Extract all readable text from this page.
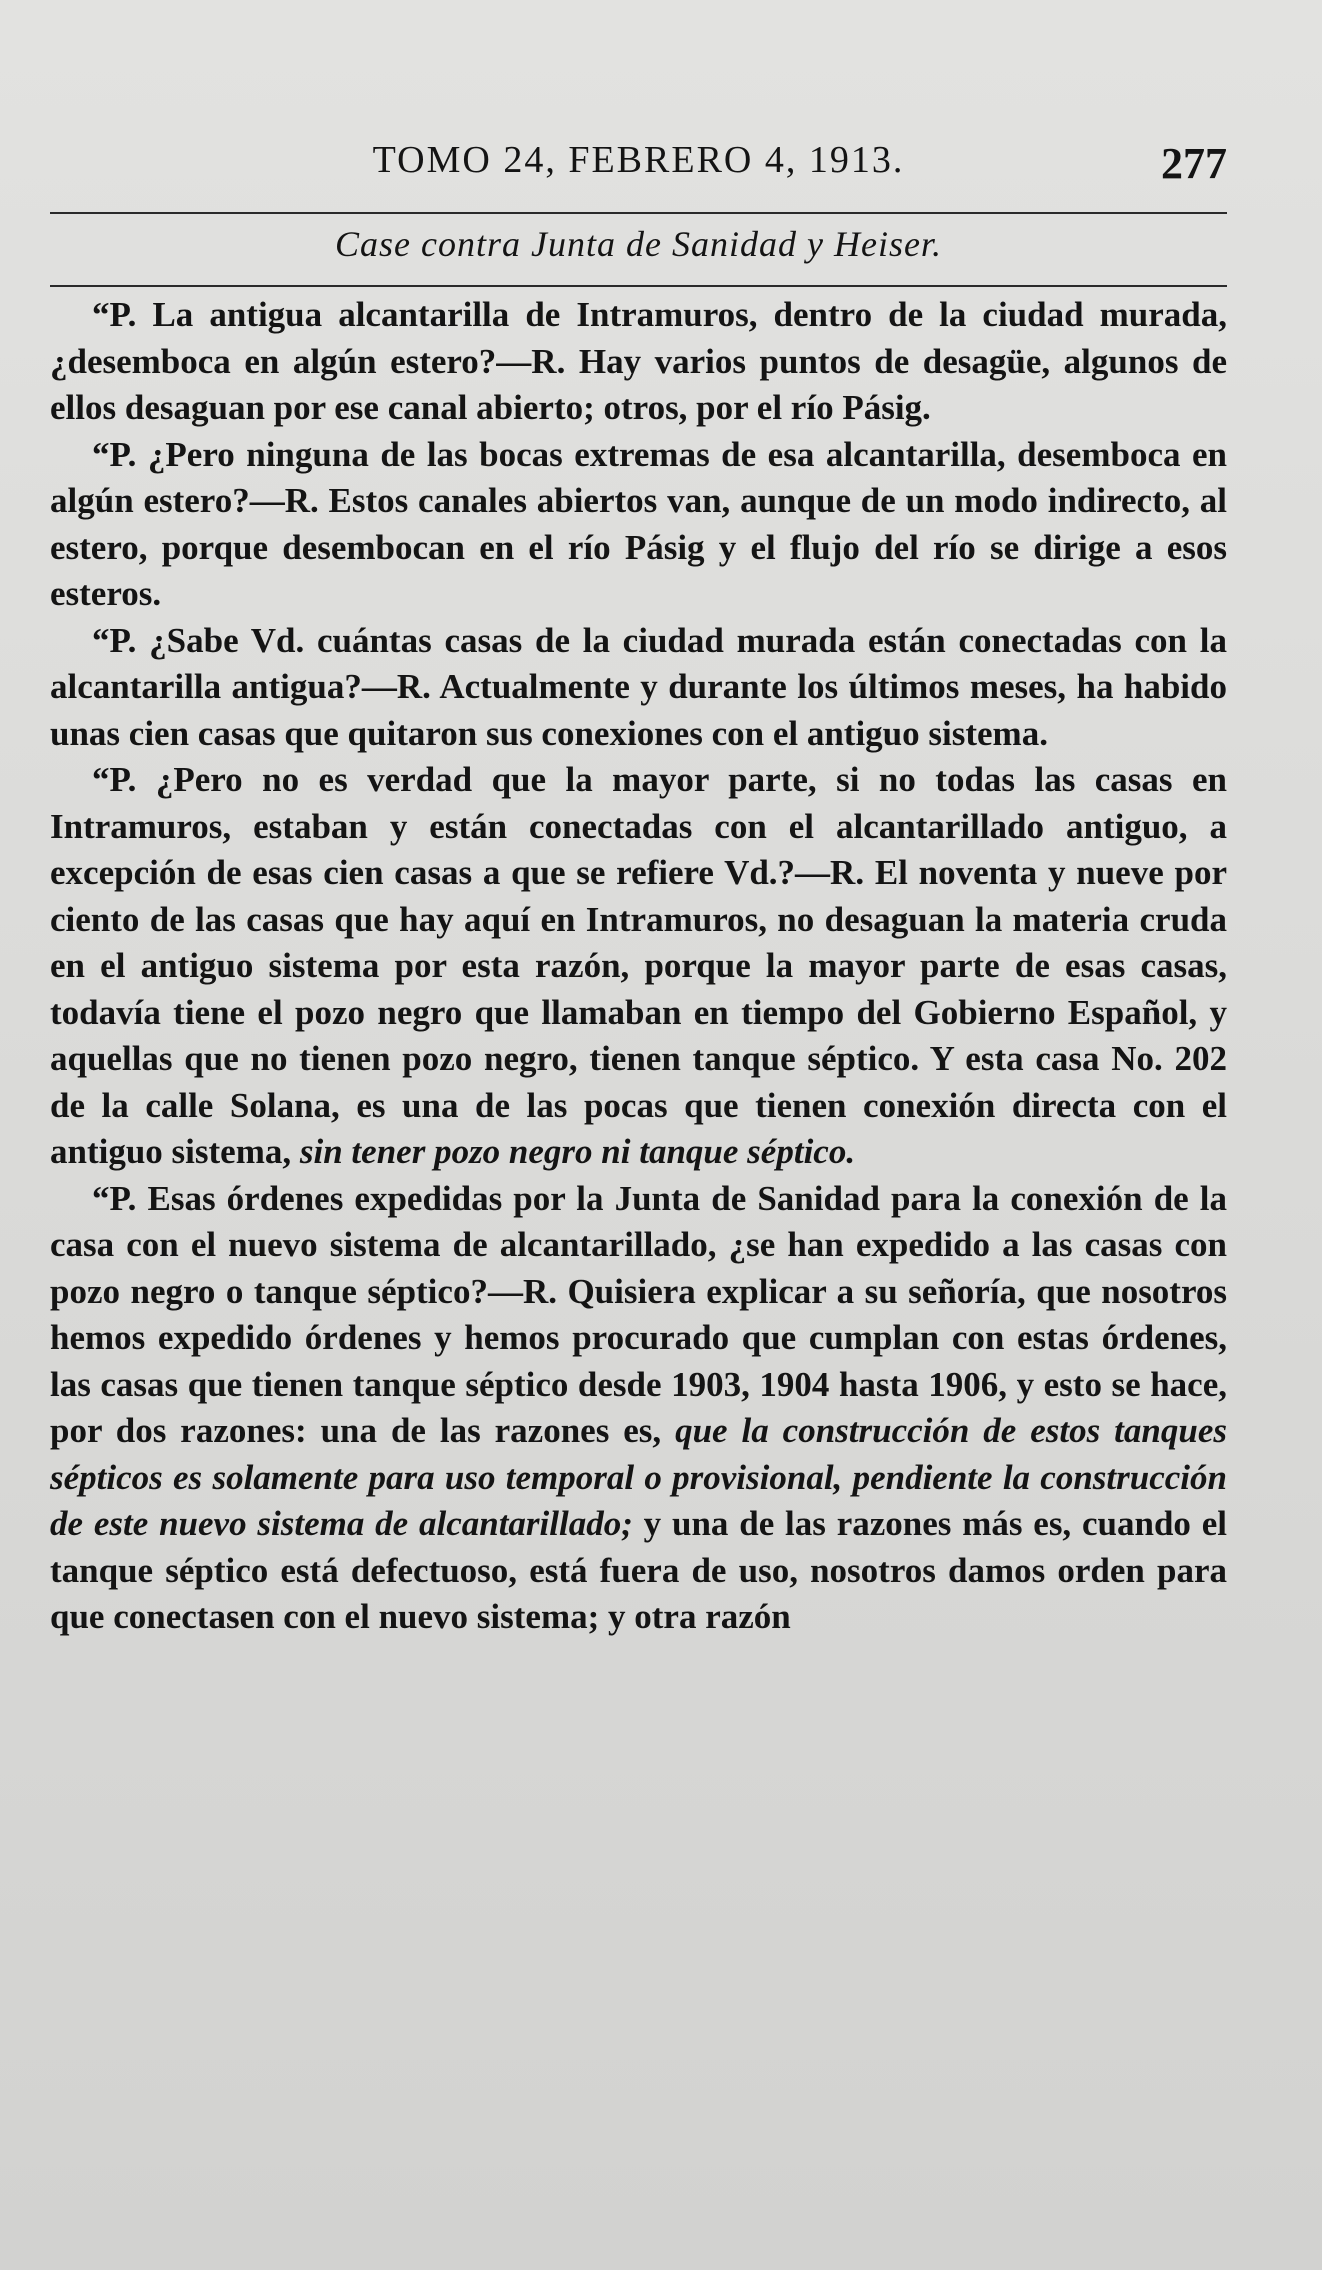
TOMO 24, FEBRERO 4, 1913.	277
Case contra Junta de Sanidad y Heiser.

“P. La antigua alcantarilla de Intramuros, dentro de la ciudad murada, ¿desemboca en algún estero?—R. Hay varios puntos de desagüe, algunos de ellos desaguan por ese canal abierto; otros, por el río Pásig.

“P. ¿Pero ninguna de las bocas extremas de esa alcantarilla, desemboca en algún estero?—R. Estos canales abiertos van, aunque de un modo indirecto, al estero, porque desembocan en el río Pásig y el flujo del río se dirige a esos esteros.

“P. ¿Sabe Vd. cuántas casas de la ciudad murada están conectadas con la alcantarilla antigua?—R. Actualmente y durante los últimos meses, ha habido unas cien casas que quitaron sus conexiones con el antiguo sistema.

“P. ¿Pero no es verdad que la mayor parte, si no todas las casas en Intramuros, estaban y están conectadas con el alcantarillado antiguo, a excepción de esas cien casas a que se refiere Vd.?—R. El noventa y nueve por ciento de las casas que hay aquí en Intramuros, no desaguan la materia cruda en el antiguo sistema por esta razón, porque la mayor parte de esas casas, todavía tiene el pozo negro que llamaban en tiempo del Gobierno Español, y aquellas que no tienen pozo negro, tienen tanque séptico. Y esta casa No. 202 de la calle Solana, es una de las pocas que tienen conexión directa con el antiguo sistema, sin tener pozo negro ni tanque séptico.

“P. Esas órdenes expedidas por la Junta de Sanidad para la conexión de la casa con el nuevo sistema de alcantarillado, ¿se han expedido a las casas con pozo negro o tanque séptico?—R. Quisiera explicar a su señoría, que nosotros hemos expedido órdenes y hemos procurado que cumplan con estas órdenes, las casas que tienen tanque séptico desde 1903, 1904 hasta 1906, y esto se hace, por dos razones: una de las razones es, que la construcción de estos tanques sépticos es solamente para uso temporal o provisional, pendiente la construcción de este nuevo sistema de alcantarillado; y una de las razones más es, cuando el tanque séptico está defectuoso, está fuera de uso, nosotros damos orden para que conectasen con el nuevo sistema; y otra razón
